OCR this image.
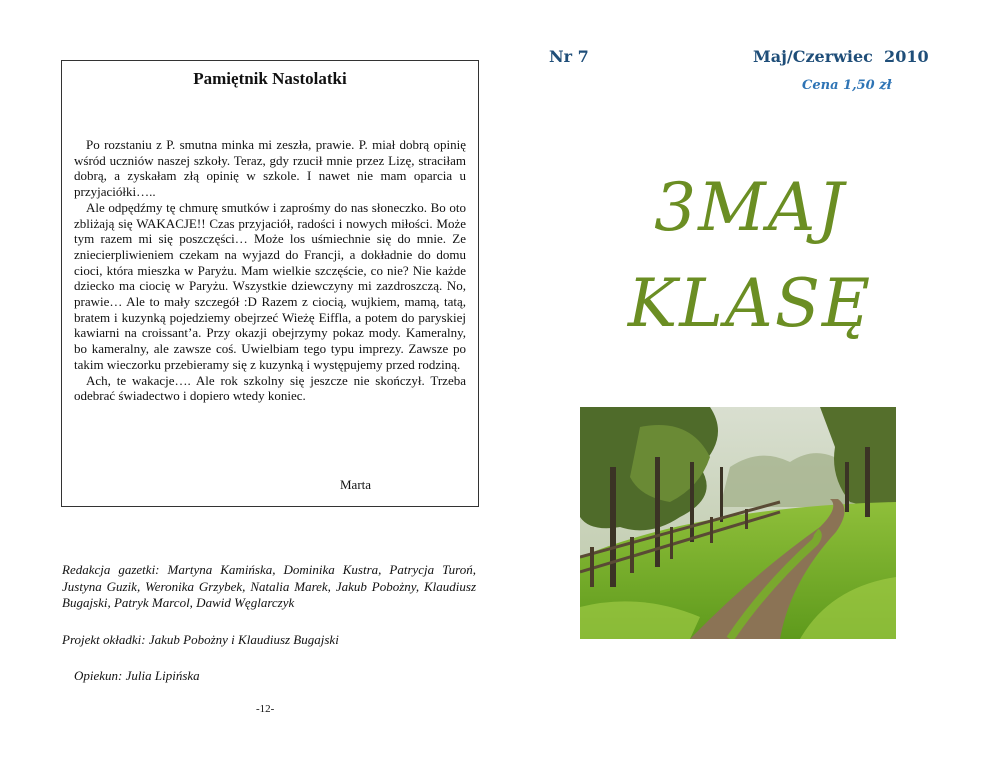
Pamiętnik Nastolatki

Po rozstaniu z P. smutna minka mi zeszła, prawie. P. miał dobrą opinię wśród uczniów naszej szkoły. Teraz, gdy rzucił mnie przez Lizę, straciłam dobrą, a zyskałam złą opinię w szkole. I nawet nie mam oparcia u przyjaciółki…..

Ale odpędźmy tę chmurę smutków i zaprośmy do nas słoneczko. Bo oto zbliżają się WAKACJE!! Czas przyjaciół, radości i nowych miłości. Może tym razem mi się poszczęści… Może los uśmiechnie się do mnie. Ze zniecierpliwieniem czekam na wyjazd do Francji, a dokładnie do domu cioci, która mieszka w Paryżu. Mam wielkie szczęście, co nie? Nie każde dziecko ma ciocię w Paryżu. Wszystkie dziewczyny mi zazdroszczą. No, prawie… Ale to mały szczegół :D Razem z ciocią, wujkiem, mamą, tatą, bratem i kuzynką pojedziemy obejrzeć Wieżę Eiffla, a potem do paryskiej kawiarni na croissant’a. Przy okazji obejrzymy pokaz mody. Kameralny, bo kameralny, ale zawsze coś. Uwielbiam tego typu imprezy. Zawsze po takim wieczorku przebieramy się z kuzynką i występujemy przed rodziną.

Ach, te wakacje…. Ale rok szkolny się jeszcze nie skończył. Trzeba odebrać świadectwo i dopiero wtedy koniec.

Marta
Redakcja gazetki: Martyna Kamińska, Dominika Kustra, Patrycja Turoń, Justyna Guzik, Weronika Grzybek, Natalia Marek, Jakub Pobożny, Klaudiusz Bugajski, Patryk Marcol, Dawid Węglarczyk
Projekt okładki: Jakub Pobożny i Klaudiusz Bugajski
Opiekun: Julia Lipińska
-12-
Nr 7	Maj/Czerwiec  2010
Cena 1,50 zł
3MAJ
KLASĘ
